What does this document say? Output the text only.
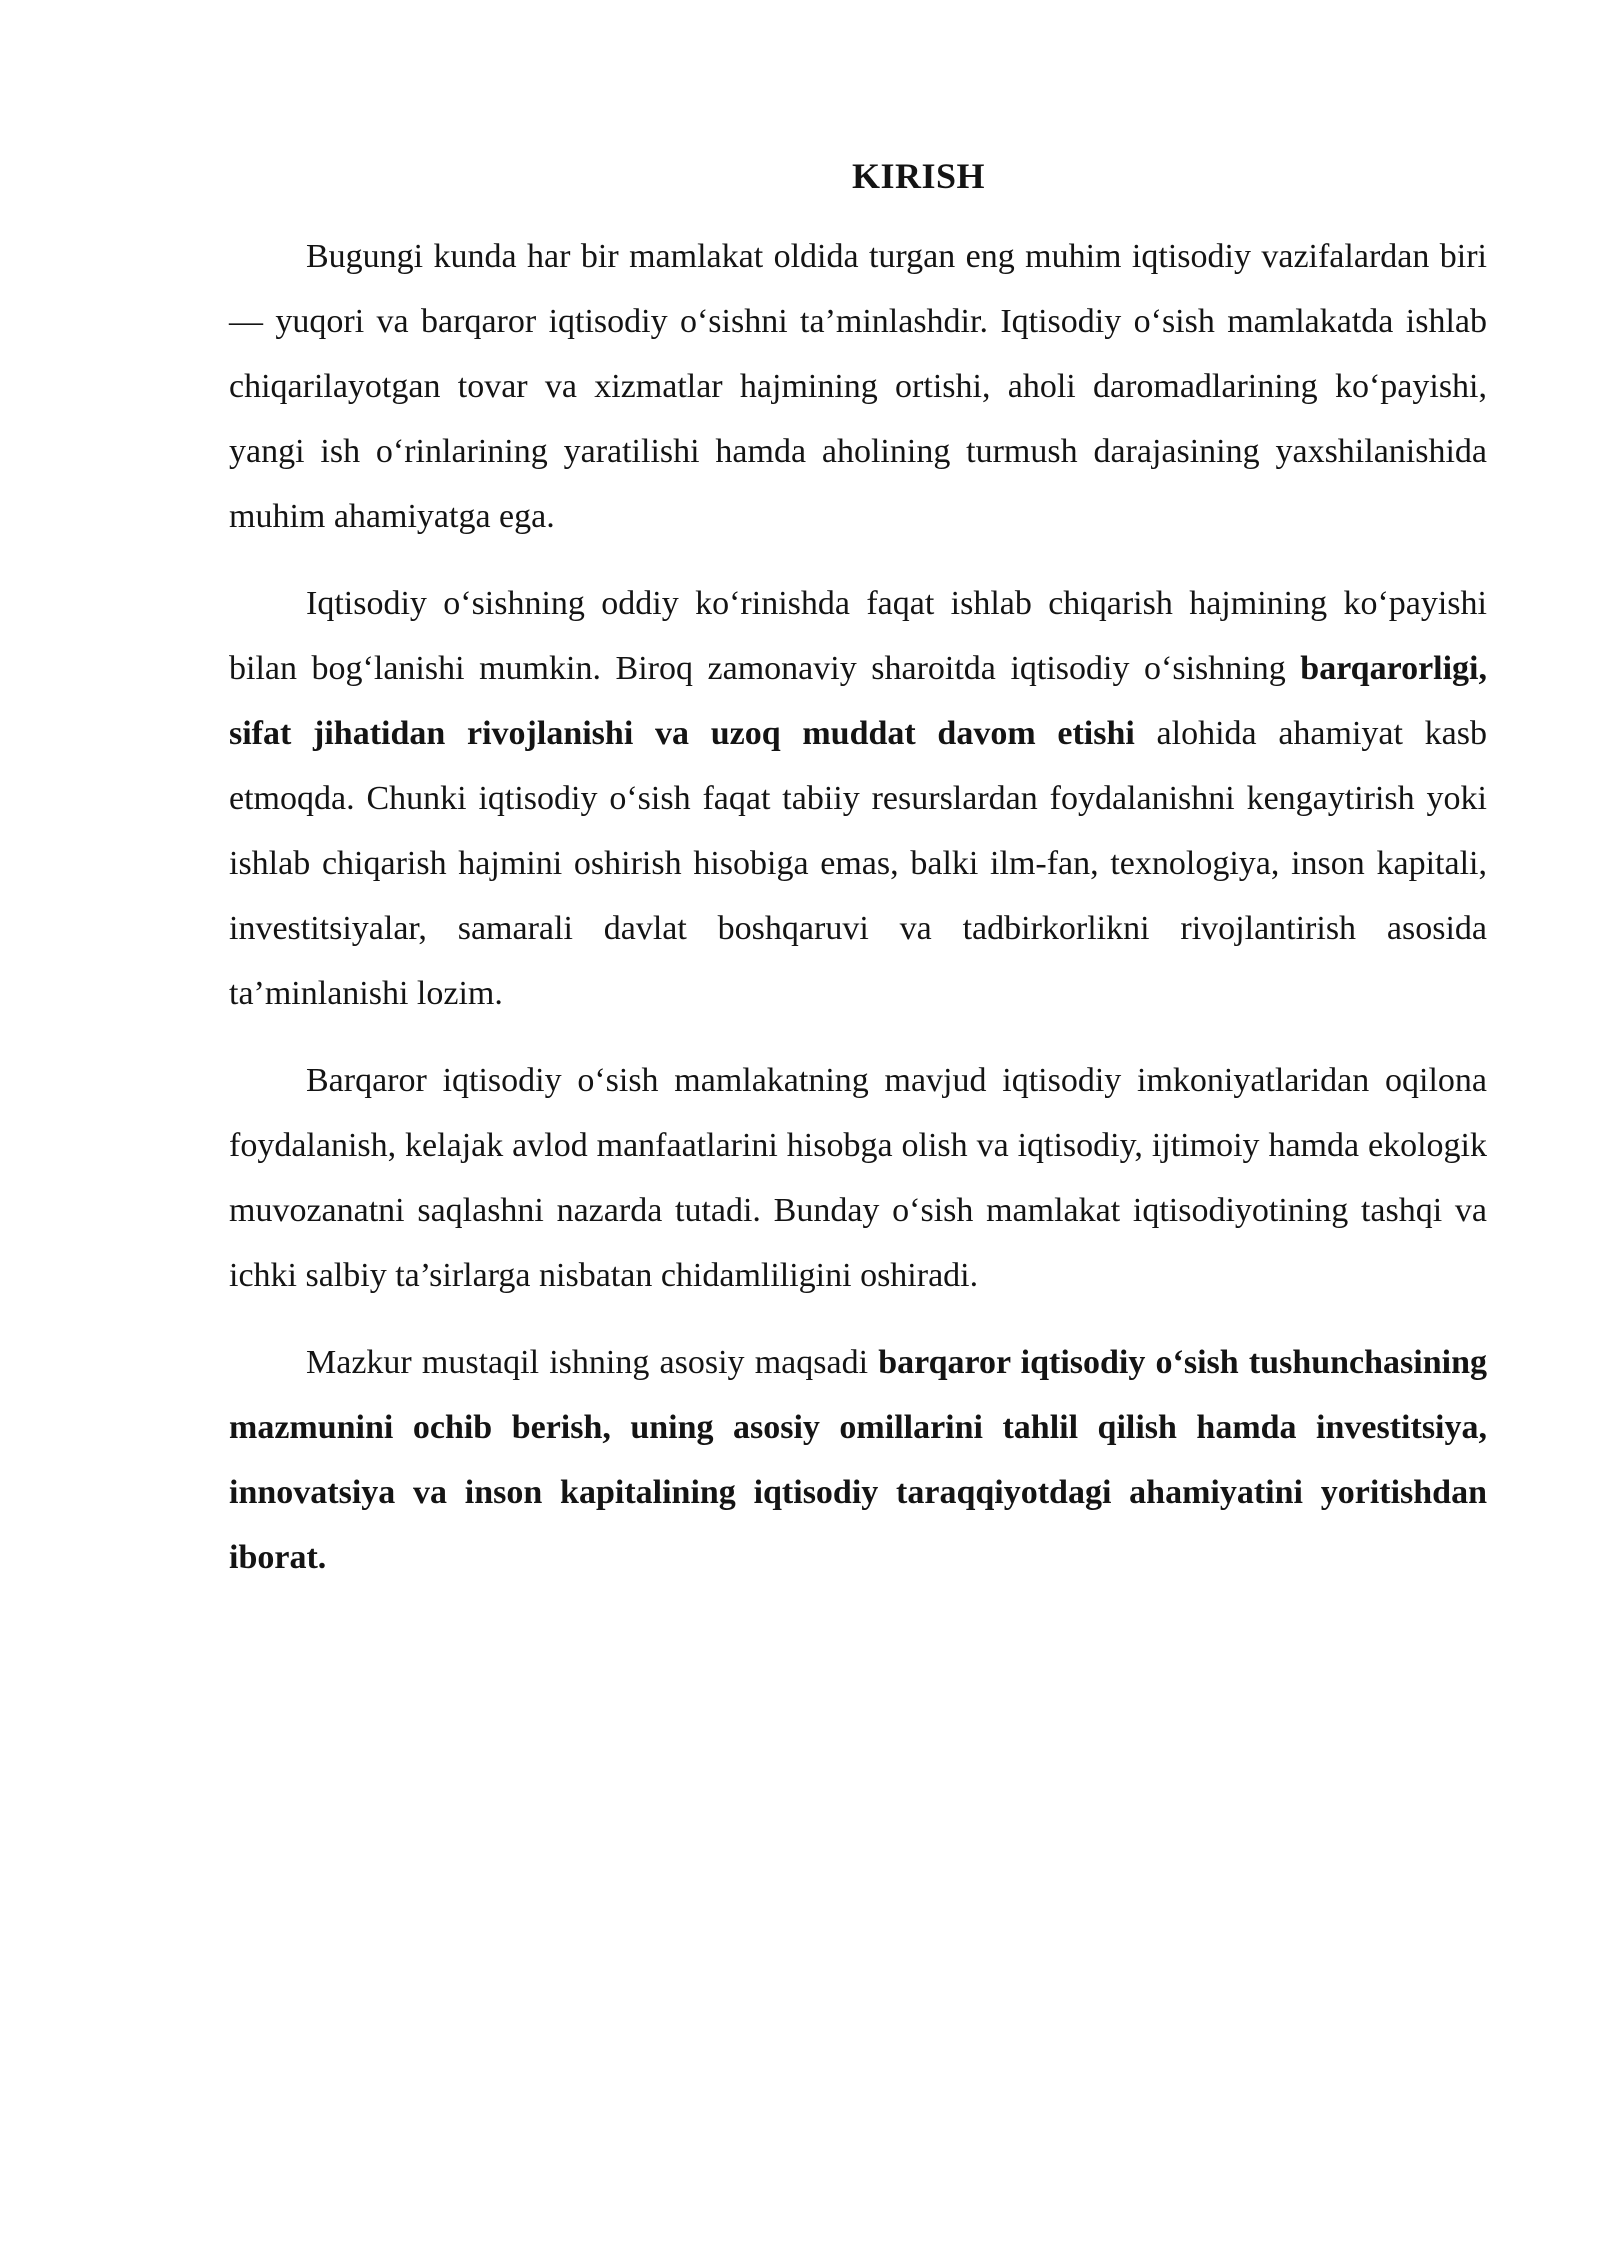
KIRISH

Bugungi kunda har bir mamlakat oldida turgan eng muhim iqtisodiy vazifalardan biri — yuqori va barqaror iqtisodiy o‘sishni ta’minlashdir. Iqtisodiy o‘sish mamlakatda ishlab chiqarilayotgan tovar va xizmatlar hajmining ortishi, aholi daromadlarining ko‘payishi, yangi ish o‘rinlarining yaratilishi hamda aholining turmush darajasining yaxshilanishida muhim ahamiyatga ega.

Iqtisodiy o‘sishning oddiy ko‘rinishda faqat ishlab chiqarish hajmining ko‘payishi bilan bog‘lanishi mumkin. Biroq zamonaviy sharoitda iqtisodiy o‘sishning barqarorligi, sifat jihatidan rivojlanishi va uzoq muddat davom etishi alohida ahamiyat kasb etmoqda. Chunki iqtisodiy o‘sish faqat tabiiy resurslardan foydalanishni kengaytirish yoki ishlab chiqarish hajmini oshirish hisobiga emas, balki ilm-fan, texnologiya, inson kapitali, investitsiyalar, samarali davlat boshqaruvi va tadbirkorlikni rivojlantirish asosida ta’minlanishi lozim.

Barqaror iqtisodiy o‘sish mamlakatning mavjud iqtisodiy imkoniyatlaridan oqilona foydalanish, kelajak avlod manfaatlarini hisobga olish va iqtisodiy, ijtimoiy hamda ekologik muvozanatni saqlashni nazarda tutadi. Bunday o‘sish mamlakat iqtisodiyotining tashqi va ichki salbiy ta’sirlarga nisbatan chidamliligini oshiradi.

Mazkur mustaqil ishning asosiy maqsadi barqaror iqtisodiy o‘sish tushunchasining mazmunini ochib berish, uning asosiy omillarini tahlil qilish hamda investitsiya, innovatsiya va inson kapitalining iqtisodiy taraqqiyotdagi ahamiyatini yoritishdan iborat.
